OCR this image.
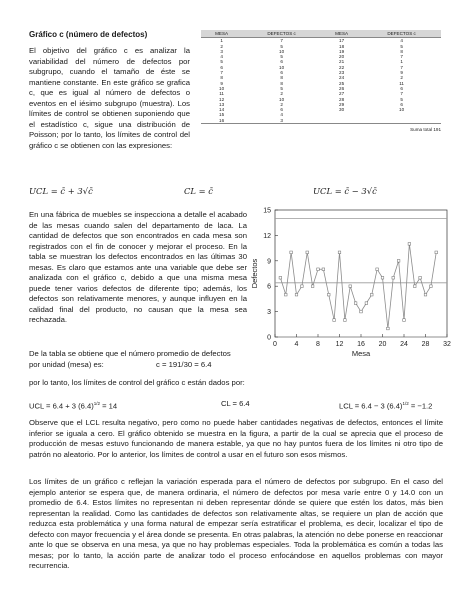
Gráfico c (número de defectos)
El objetivo del gráfico c es analizar la variabilidad del número de defectos por subgrupo, cuando el tamaño de éste se mantiene constante. En este gráfico se grafica c, que es igual al número de defectos o eventos en el iésimo subgrupo (muestra). Los límites de control se obtienen suponiendo que el estadístico c, sigue una distribución de Poisson; por lo tanto, los límites de control del gráfico c se obtienen con las expresiones:
MESA	DEFECTOS c	MESA	DEFECTOS c
1	7	17	4
2	5	18	5
3	10	19	8
4	5	20	7
5	6	21	1
6	10	22	7
7	6	23	9
8	8	24	2
9	8	25	11
10	5	26	6
11	2	27	7
12	10	28	5
13	2	29	6
14	6	30	10
15	4		
16	3		
Suma total 191
UCL = c̄ + 3√c̄	CL = c̄	UCL = c̄ − 3√c̄
En una fábrica de muebles se inspecciona a detalle el acabado de las mesas cuando salen del departamento de laca. La cantidad de defectos que son encontrados en cada mesa son registrados con el fin de conocer y mejorar el proceso. En la tabla se muestran los defectos encontrados en las últimas 30 mesas. Es claro que estamos ante una variable que debe ser analizada con el gráfico c, debido a que una misma mesa puede tener varios defectos de diferente tipo; además, los defectos son relativamente menores, y aunque influyen en la calidad final del producto, no causan que la mesa sea rechazada.
0	4	8 12 16 20 24 28 32
0
3
6
9
12
15
Mesa
Defectos
De la tabla se obtiene que el número promedio de defectos
por unidad (mesa) es:	c = 191/30 = 6.4
por lo tanto, los límites de control del gráfico c están dados por:
UCL = 6.4 + 3 $(6.4)^{1/2} = 14$	CL = 6.4	LCL = 6.4 − 3 $(6.4)^{1/2} = -1.2$
Observe que el LCL resulta negativo, pero como no puede haber cantidades negativas de defectos, entonces el límite inferior se iguala a cero. El gráfico obtenido se muestra en la figura, a partir de la cual se aprecia que el proceso de producción de mesas estuvo funcionando de manera estable, ya que no hay puntos fuera de los límites ni otro tipo de patrón no aleatorio. Por lo anterior, los límites de control a usar en el futuro son esos mismos.
Los límites de un gráfico c reflejan la variación esperada para el número de defectos por subgrupo. En el caso del ejemplo anterior se espera que, de manera ordinaria, el número de defectos por mesa varíe entre 0 y 14.0 con un promedio de 6.4. Estos límites no representan ni deben representar dónde se quiere que estén los datos, más bien representan la realidad. Como las cantidades de defectos son relativamente altas, se requiere un plan de acción que reduzca esta problemática y una forma natural de empezar sería estratificar el problema, es decir, localizar el tipo de defecto con mayor frecuencia y el área donde se presenta. En otras palabras, la atención no debe ponerse en reaccionar ante lo que se observa en una mesa, ya que no hay problemas especiales. Toda la problemática es común a todas las mesas; por lo tanto, la acción parte de analizar todo el proceso enfocándose en aquellos problemas con mayor recurrencia.
